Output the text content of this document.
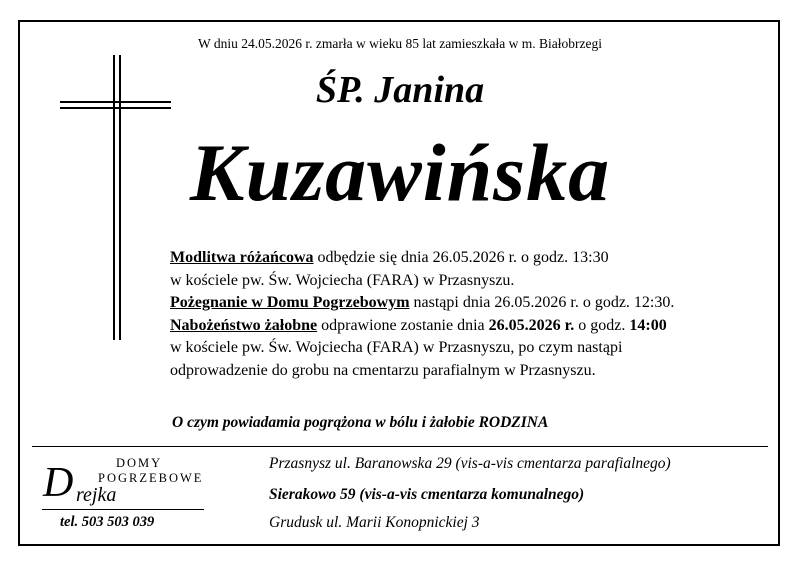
W dniu 24.05.2026 r. zmarła w wieku 85 lat zamieszkała w m. Białobrzegi
ŚP. Janina
Kuzawińska
Modlitwa różańcowa odbędzie się dnia 26.05.2026 r. o godz. 13:30
w kościele pw. Św. Wojciecha (FARA) w Przasnyszu.
Pożegnanie w Domu Pogrzebowym nastąpi dnia 26.05.2026 r. o godz. 12:30.
Nabożeństwo żałobne odprawione zostanie dnia 26.05.2026 r. o godz. 14:00
w kościele pw. Św. Wojciecha (FARA) w Przasnyszu, po czym nastąpi
odprowadzenie do grobu na cmentarzu parafialnym w Przasnyszu.
O czym powiadamia pogrążona w bólu i żałobie RODZINA
DOMY
POGRZEBOWE
D rejka
tel. 503 503 039
Przasnysz ul. Baranowska 29 (vis-a-vis cmentarza parafialnego)
Sierakowo 59 (vis-a-vis cmentarza komunalnego)
Grudusk ul. Marii Konopnickiej 3
